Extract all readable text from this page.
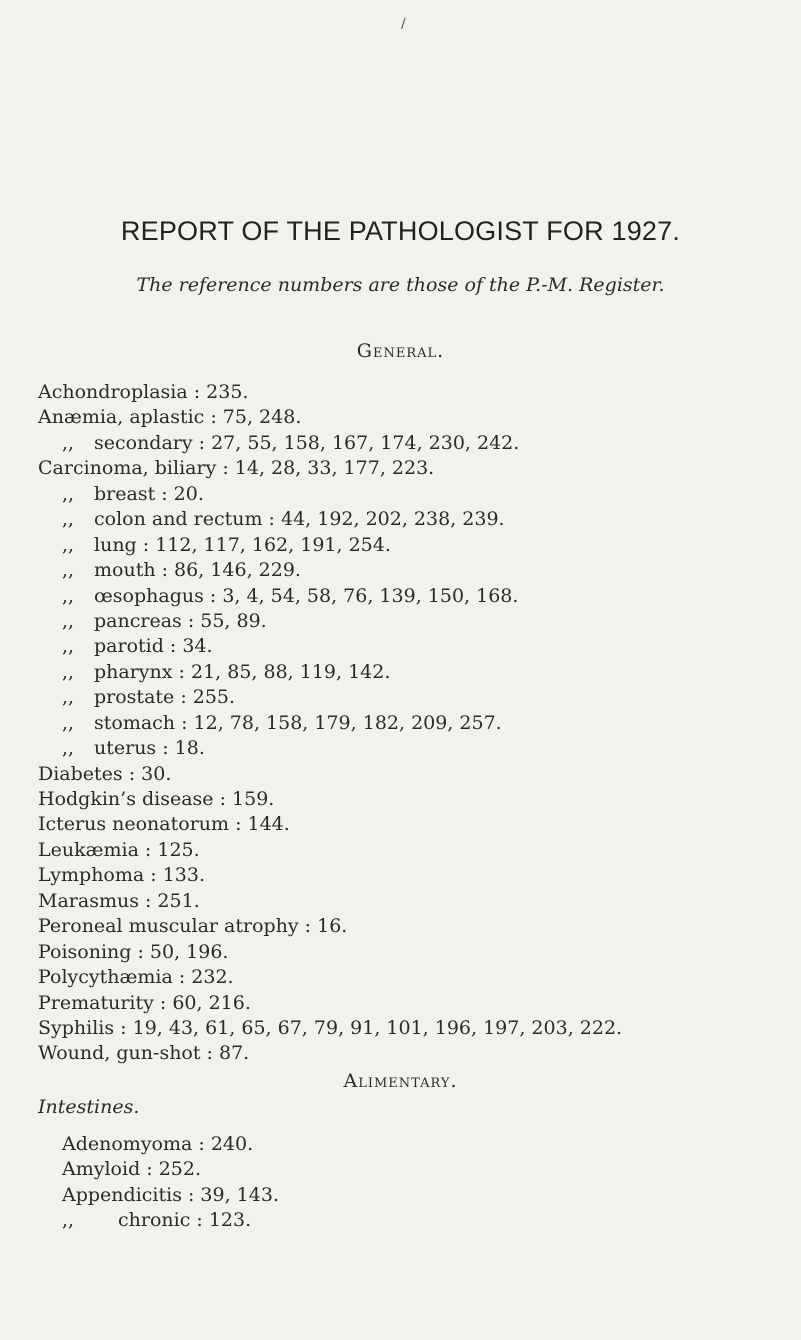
/
REPORT OF THE PATHOLOGIST FOR 1927.
The reference numbers are those of the P.-M. Register.
General.
Achondroplasia : 235.
Anæmia, aplastic : 75, 248.
,, secondary : 27, 55, 158, 167, 174, 230, 242.
Carcinoma, biliary : 14, 28, 33, 177, 223.
,, breast : 20.
,, colon and rectum : 44, 192, 202, 238, 239.
,, lung : 112, 117, 162, 191, 254.
,, mouth : 86, 146, 229.
,, œsophagus : 3, 4, 54, 58, 76, 139, 150, 168.
,, pancreas : 55, 89.
,, parotid : 34.
,, pharynx : 21, 85, 88, 119, 142.
,, prostate : 255.
,, stomach : 12, 78, 158, 179, 182, 209, 257.
,, uterus : 18.
Diabetes : 30.
Hodgkin’s disease : 159.
Icterus neonatorum : 144.
Leukæmia : 125.
Lymphoma : 133.
Marasmus : 251.
Peroneal muscular atrophy : 16.
Poisoning : 50, 196.
Polycythæmia : 232.
Prematurity : 60, 216.
Syphilis : 19, 43, 61, 65, 67, 79, 91, 101, 196, 197, 203, 222.
Wound, gun-shot : 87.
Alimentary.
Intestines.
Adenomyoma : 240.
Amyloid : 252.
Appendicitis : 39, 143.
,, chronic : 123.
